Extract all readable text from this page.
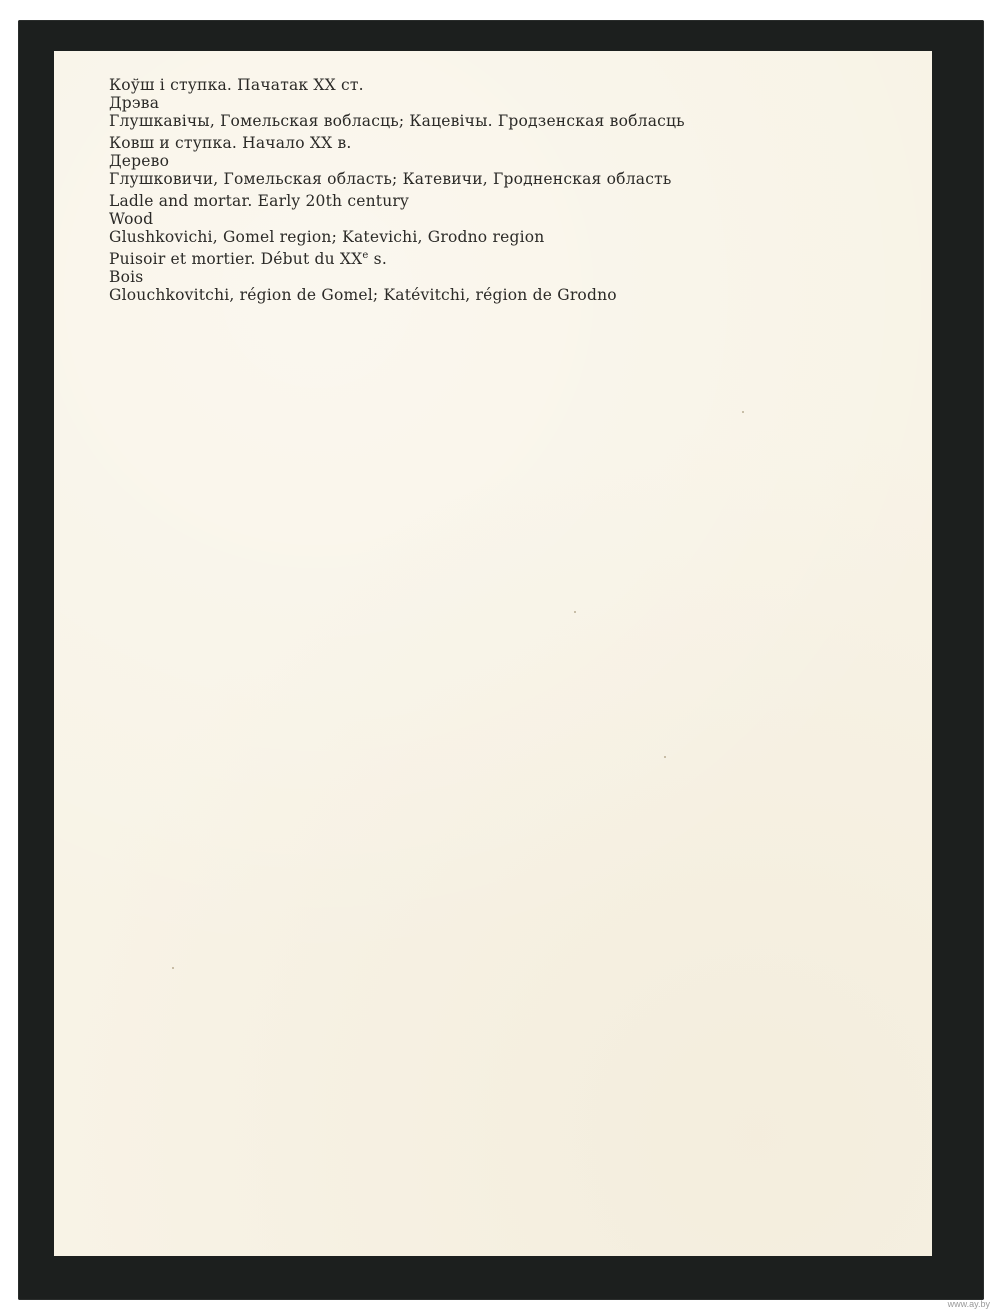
Коўш і ступка. Пачатак XX ст.
Дрэва
Глушкавічы, Гомельская вобласць; Кацевічы. Гродзенская вобласць
Ковш и ступка. Начало XX в.
Дерево
Глушковичи, Гомельская область; Катевичи, Гродненская область
Ladle and mortar. Early 20th century
Wood
Glushkovichi, Gomel region; Katevichi, Grodno region
Puisoir et mortier. Début du XXe s.
Bois
Glouchkovitchi, région de Gomel; Katévitchi, région de Grodno
www.ay.by
